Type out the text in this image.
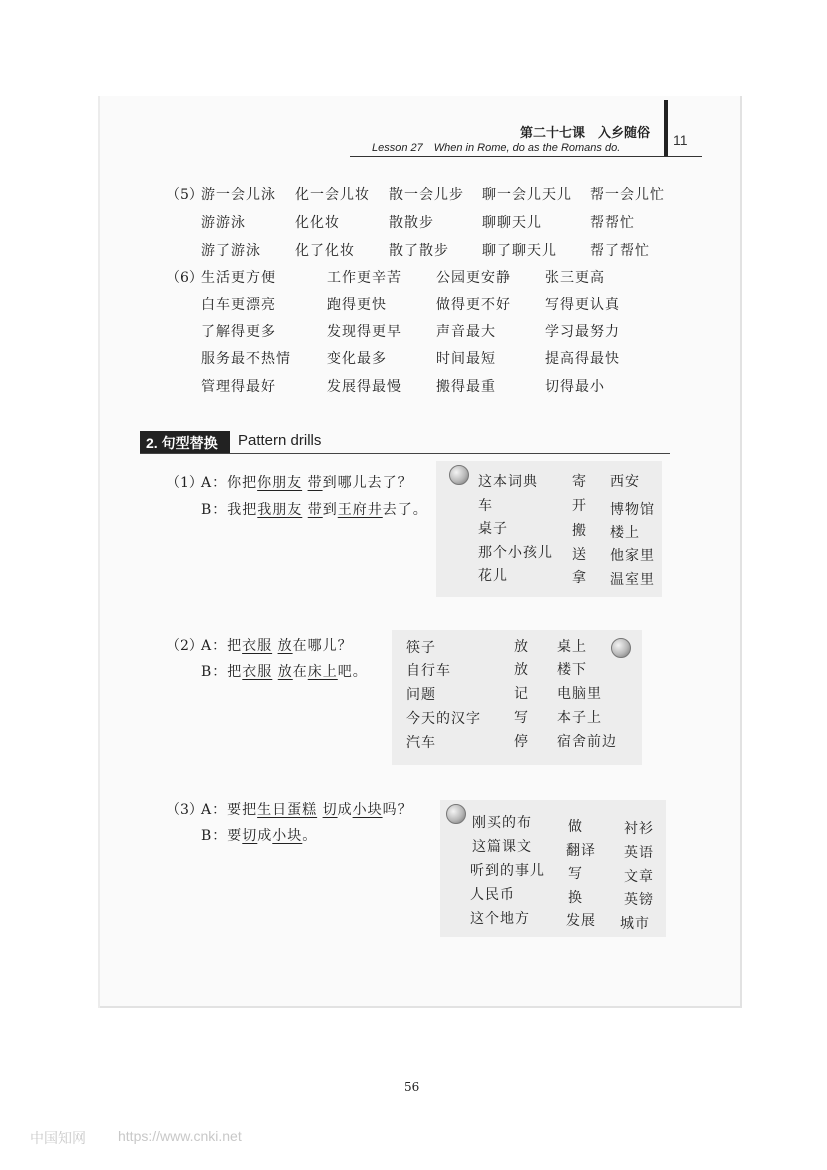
第二十七课　入乡随俗
Lesson 27　When in Rome, do as the Romans do.	11
（5）
游一会儿泳 化一会儿妆 散一会儿步 聊一会儿天儿 帮一会儿忙
游游泳	化化妆	散散步	聊聊天儿	帮帮忙
游了游泳 化了化妆 散了散步 聊了聊天儿 帮了帮忙
（6）
生活更方便	工作更辛苦 公园更安静 张三更高
白车更漂亮	跑得更快	做得更不好 写得更认真
了解得更多	发现得更早 声音最大	学习最努力
服务最不热情	变化最多	时间最短	提高得最快
管理得最好	发展得最慢 搬得最重	切得最小
2. 句型替换	Pattern drills
（1）
A：你把你朋友 带到哪儿去了？
B：我把我朋友 带到王府井去了。
这本词典 寄 西安
车	开 博物馆
桌子	搬 楼上
那个小孩儿 送 他家里
花儿	拿 温室里
（2）
A：把衣服 放在哪儿？
B：把衣服 放在床上吧。
筷子	放 桌上
自行车	放 楼下
问题	记 电脑里
今天的汉字 写 本子上
汽车	停 宿舍前边
（3）
A：要把生日蛋糕 切成小块吗？
B：要切成小块。
刚买的布	做	衬衫
这篇课文 翻译 英语
听到的事儿 写	文章
人民币	换	英镑
这个地方	发展 城市
56
中国知网 https://www.cnki.net
